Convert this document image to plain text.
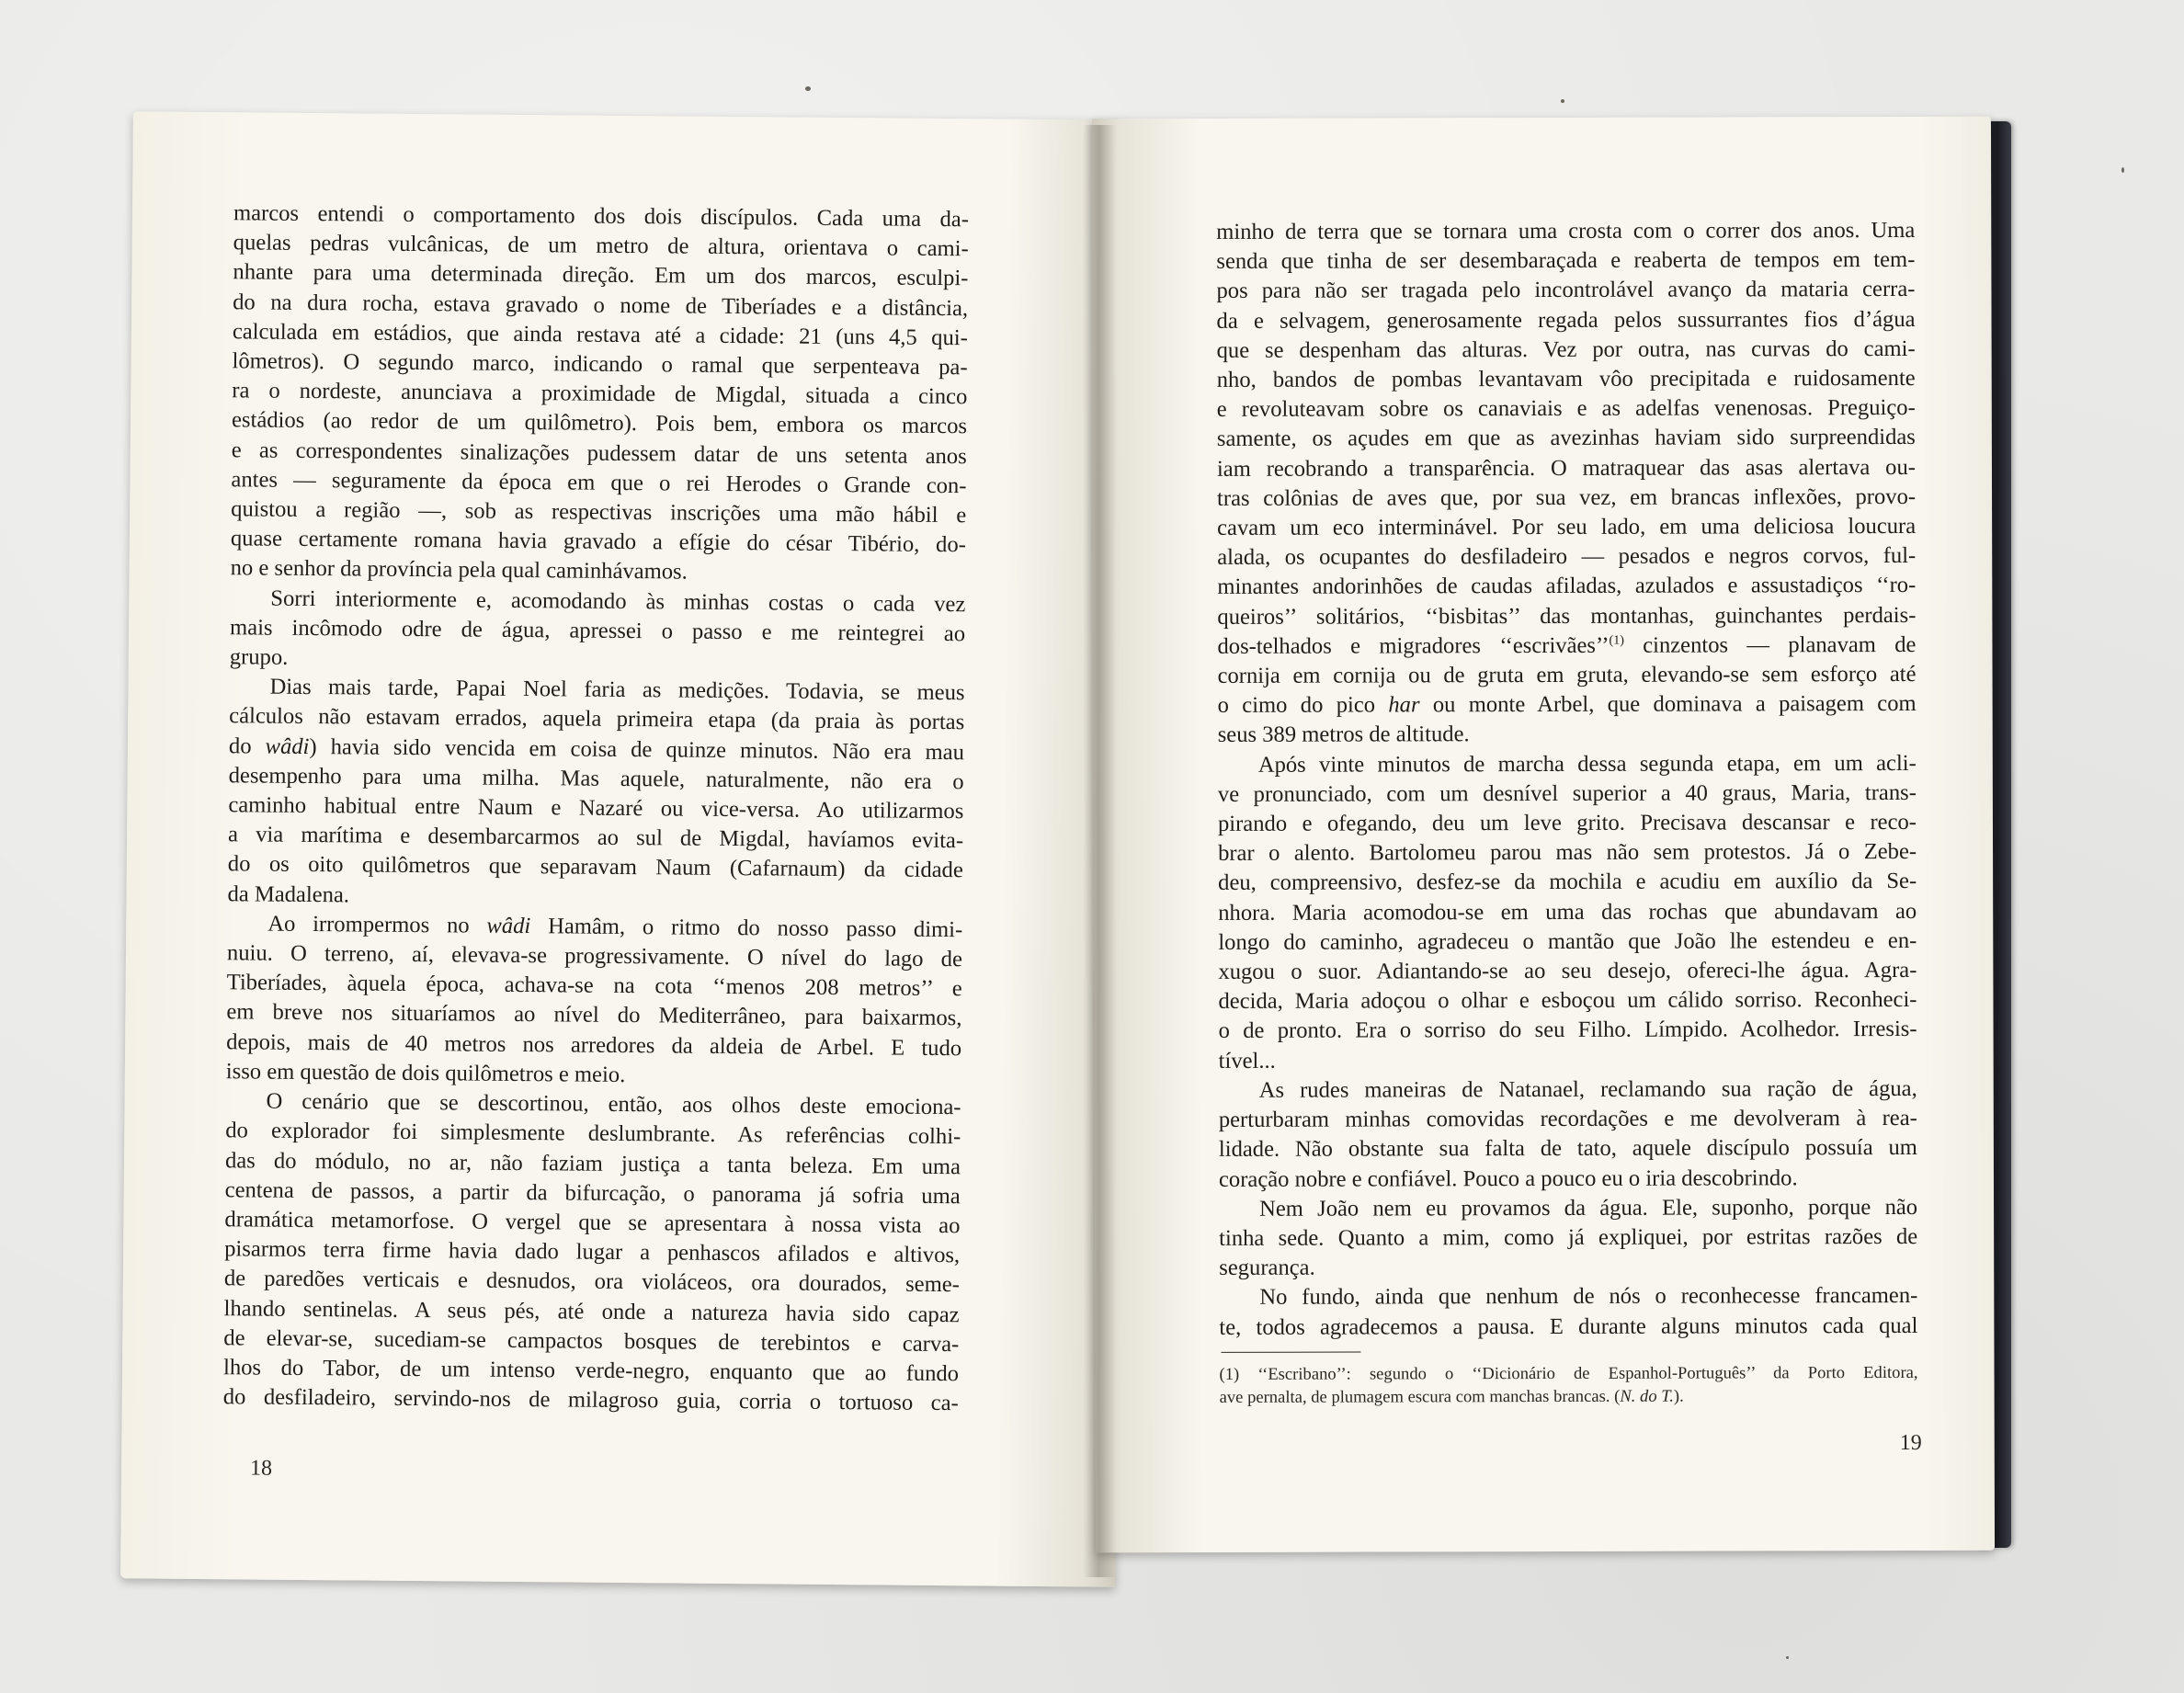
marcos entendi o comportamento dos dois discípulos. Cada uma da-

quelas pedras vulcânicas, de um metro de altura, orientava o cami-

nhante para uma determinada direção. Em um dos marcos, esculpi-

do na dura rocha, estava gravado o nome de Tiberíades e a distância,

calculada em estádios, que ainda restava até a cidade: 21 (uns 4,5 qui-

lômetros). O segundo marco, indicando o ramal que serpenteava pa-

ra o nordeste, anunciava a proximidade de Migdal, situada a cinco

estádios (ao redor de um quilômetro). Pois bem, embora os marcos

e as correspondentes sinalizações pudessem datar de uns setenta anos

antes — seguramente da época em que o rei Herodes o Grande con-

quistou a região —, sob as respectivas inscrições uma mão hábil e

quase certamente romana havia gravado a efígie do césar Tibério, do-

no e senhor da província pela qual caminhávamos.

Sorri interiormente e, acomodando às minhas costas o cada vez

mais incômodo odre de água, apressei o passo e me reintegrei ao

grupo.

Dias mais tarde, Papai Noel faria as medições. Todavia, se meus

cálculos não estavam errados, aquela primeira etapa (da praia às portas

do wâdi) havia sido vencida em coisa de quinze minutos. Não era mau

desempenho para uma milha. Mas aquele, naturalmente, não era o

caminho habitual entre Naum e Nazaré ou vice-versa. Ao utilizarmos

a via marítima e desembarcarmos ao sul de Migdal, havíamos evita-

do os oito quilômetros que separavam Naum (Cafarnaum) da cidade

da Madalena.

Ao irrompermos no wâdi Hamâm, o ritmo do nosso passo dimi-

nuiu. O terreno, aí, elevava-se progressivamente. O nível do lago de

Tiberíades, àquela época, achava-se na cota ‘‘menos 208 metros’’ e

em breve nos situaríamos ao nível do Mediterrâneo, para baixarmos,

depois, mais de 40 metros nos arredores da aldeia de Arbel. E tudo

isso em questão de dois quilômetros e meio.

O cenário que se descortinou, então, aos olhos deste emociona-

do explorador foi simplesmente deslumbrante. As referências colhi-

das do módulo, no ar, não faziam justiça a tanta beleza. Em uma

centena de passos, a partir da bifurcação, o panorama já sofria uma

dramática metamorfose. O vergel que se apresentara à nossa vista ao

pisarmos terra firme havia dado lugar a penhascos afilados e altivos,

de paredões verticais e desnudos, ora violáceos, ora dourados, seme-

lhando sentinelas. A seus pés, até onde a natureza havia sido capaz

de elevar-se, sucediam-se campactos bosques de terebintos e carva-

lhos do Tabor, de um intenso verde-negro, enquanto que ao fundo

do desfiladeiro, servindo-nos de milagroso guia, corria o tortuoso ca-

18

minho de terra que se tornara uma crosta com o correr dos anos. Uma

senda que tinha de ser desembaraçada e reaberta de tempos em tem-

pos para não ser tragada pelo incontrolável avanço da mataria cerra-

da e selvagem, generosamente regada pelos sussurrantes fios d’água

que se despenham das alturas. Vez por outra, nas curvas do cami-

nho, bandos de pombas levantavam vôo precipitada e ruidosamente

e revoluteavam sobre os canaviais e as adelfas venenosas. Preguiço-

samente, os açudes em que as avezinhas haviam sido surpreendidas

iam recobrando a transparência. O matraquear das asas alertava ou-

tras colônias de aves que, por sua vez, em brancas inflexões, provo-

cavam um eco interminável. Por seu lado, em uma deliciosa loucura

alada, os ocupantes do desfiladeiro — pesados e negros corvos, ful-

minantes andorinhões de caudas afiladas, azulados e assustadiços ‘‘ro-

queiros’’ solitários, ‘‘bisbitas’’ das montanhas, guinchantes perdais-

dos-telhados e migradores ‘‘escrivães’’$^{(1)}$ cinzentos — planavam de

cornija em cornija ou de gruta em gruta, elevando-se sem esforço até

o cimo do pico har ou monte Arbel, que dominava a paisagem com

seus 389 metros de altitude.

Após vinte minutos de marcha dessa segunda etapa, em um acli-

ve pronunciado, com um desnível superior a 40 graus, Maria, trans-

pirando e ofegando, deu um leve grito. Precisava descansar e reco-

brar o alento. Bartolomeu parou mas não sem protestos. Já o Zebe-

deu, compreensivo, desfez-se da mochila e acudiu em auxílio da Se-

nhora. Maria acomodou-se em uma das rochas que abundavam ao

longo do caminho, agradeceu o mantão que João lhe estendeu e en-

xugou o suor. Adiantando-se ao seu desejo, ofereci-lhe água. Agra-

decida, Maria adoçou o olhar e esboçou um cálido sorriso. Reconheci-

o de pronto. Era o sorriso do seu Filho. Límpido. Acolhedor. Irresis-

tível...

As rudes maneiras de Natanael, reclamando sua ração de água,

perturbaram minhas comovidas recordações e me devolveram à rea-

lidade. Não obstante sua falta de tato, aquele discípulo possuía um

coração nobre e confiável. Pouco a pouco eu o iria descobrindo.

Nem João nem eu provamos da água. Ele, suponho, porque não

tinha sede. Quanto a mim, como já expliquei, por estritas razões de

segurança.

No fundo, ainda que nenhum de nós o reconhecesse francamen-

te, todos agradecemos a pausa. E durante alguns minutos cada qual

(1) ‘‘Escribano’’: segundo o ‘‘Dicionário de Espanhol-Português’’ da Porto Editora,

ave pernalta, de plumagem escura com manchas brancas. (N. do T.).

19
